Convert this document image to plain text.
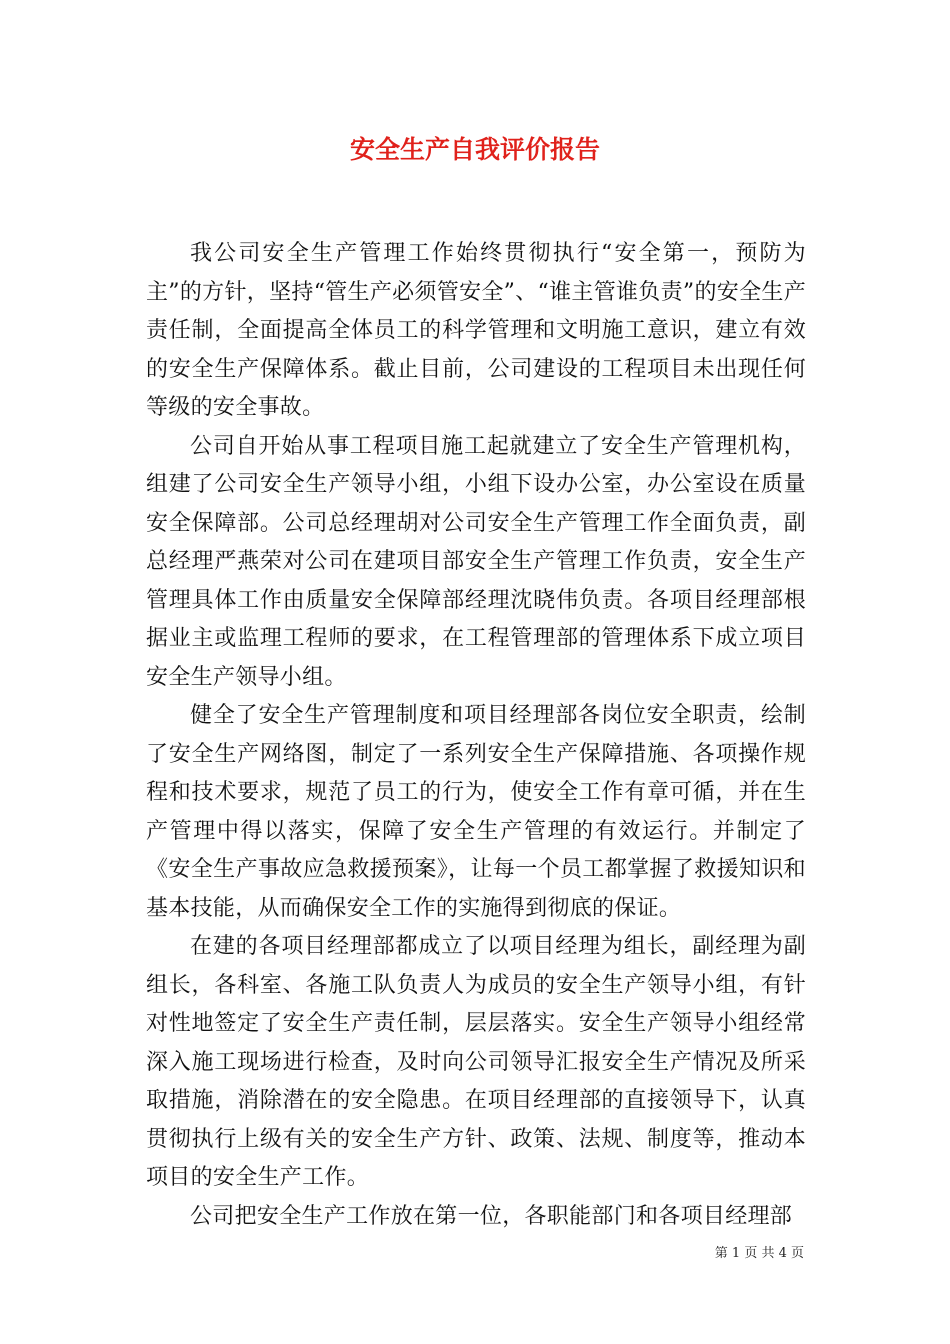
安全生产自我评价报告

我公司安全生产管理工作始终贯彻执行“安全第一，预防为主”的方针，坚持“管生产必须管安全”、“谁主管谁负责”的安全生产责任制，全面提高全体员工的科学管理和文明施工意识，建立有效的安全生产保障体系。截止目前，公司建设的工程项目未出现任何等级的安全事故。

公司自开始从事工程项目施工起就建立了安全生产管理机构，组建了公司安全生产领导小组，小组下设办公室，办公室设在质量安全保障部。公司总经理胡对公司安全生产管理工作全面负责，副总经理严燕荣对公司在建项目部安全生产管理工作负责，安全生产管理具体工作由质量安全保障部经理沈晓伟负责。各项目经理部根据业主或监理工程师的要求，在工程管理部的管理体系下成立项目安全生产领导小组。

健全了安全生产管理制度和项目经理部各岗位安全职责，绘制了安全生产网络图，制定了一系列安全生产保障措施、各项操作规程和技术要求，规范了员工的行为，使安全工作有章可循，并在生产管理中得以落实，保障了安全生产管理的有效运行。并制定了《安全生产事故应急救援预案》，让每一个员工都掌握了救援知识和基本技能，从而确保安全工作的实施得到彻底的保证。

在建的各项目经理部都成立了以项目经理为组长，副经理为副组长，各科室、各施工队负责人为成员的安全生产领导小组，有针对性地签定了安全生产责任制，层层落实。安全生产领导小组经常深入施工现场进行检查，及时向公司领导汇报安全生产情况及所采取措施，消除潜在的安全隐患。在项目经理部的直接领导下，认真贯彻执行上级有关的安全生产方针、政策、法规、制度等，推动本项目的安全生产工作。

公司把安全生产工作放在第一位，各职能部门和各项目经理部

第 1 页 共 4 页
